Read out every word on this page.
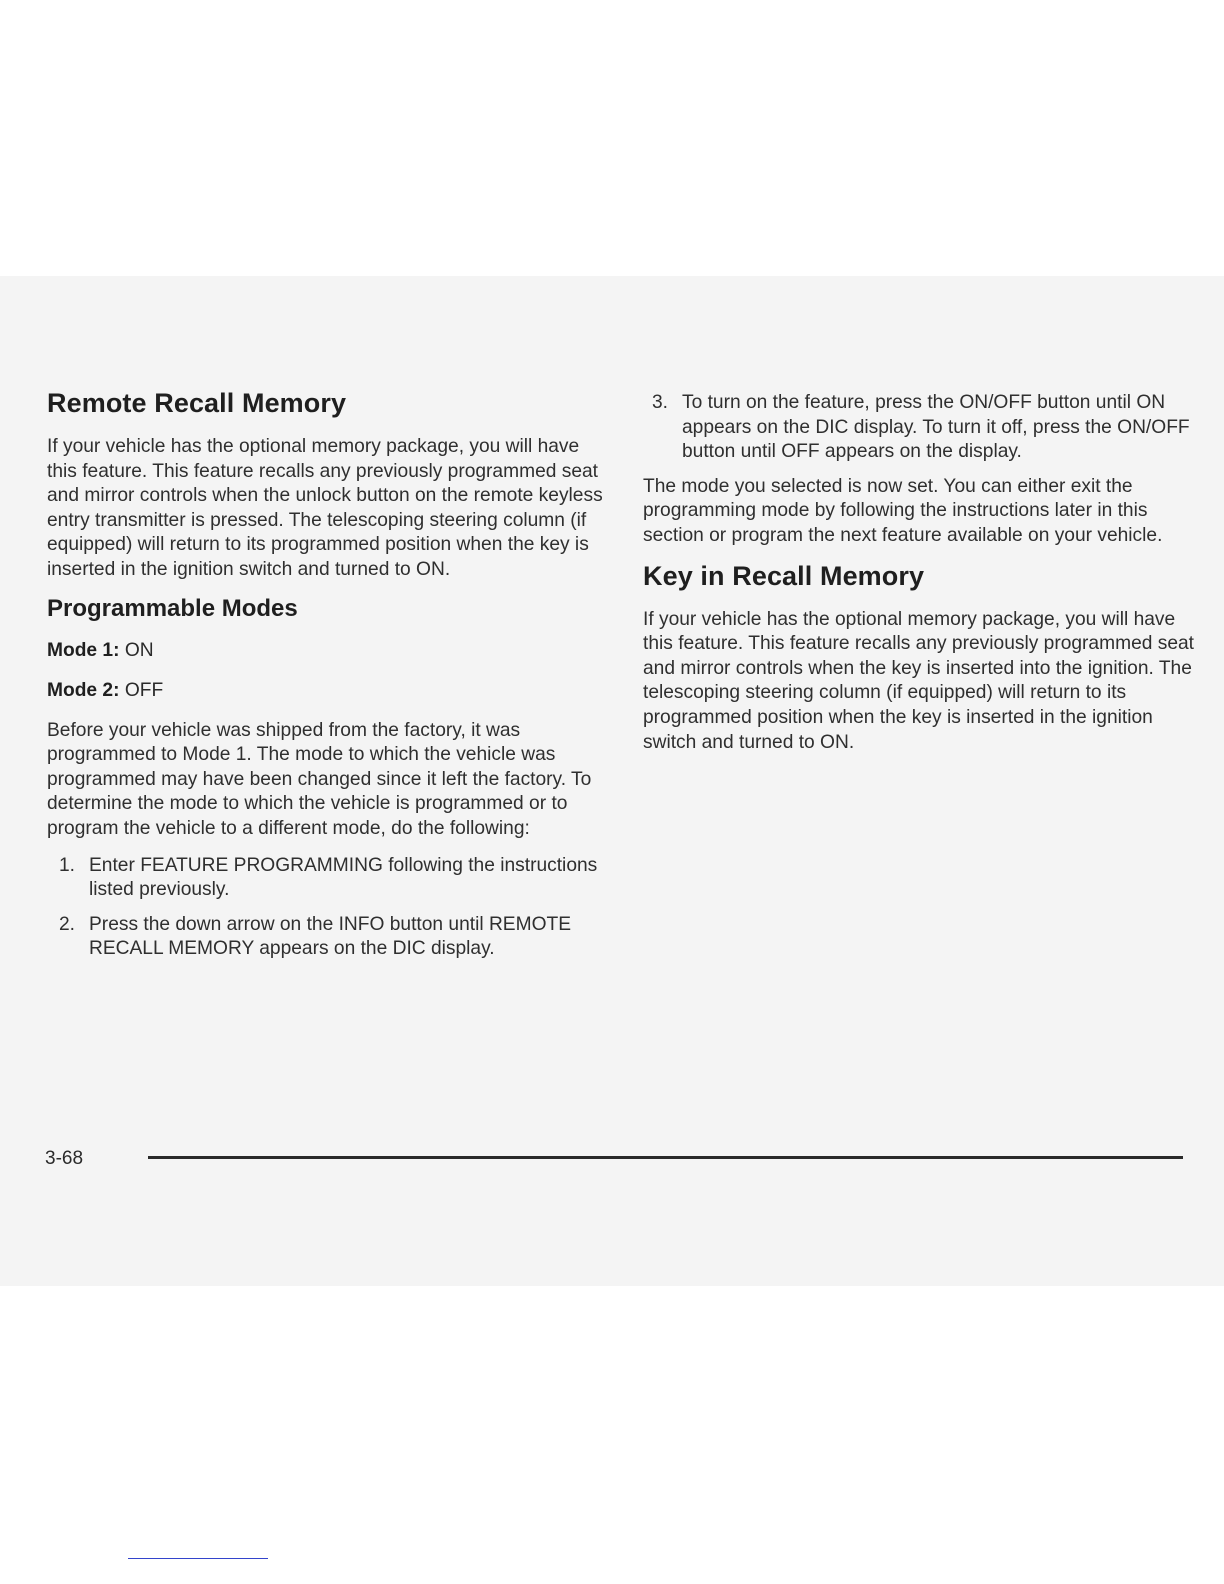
Remote Recall Memory

If your vehicle has the optional memory package, you will have this feature. This feature recalls any previously programmed seat and mirror controls when the unlock button on the remote keyless entry transmitter is pressed. The telescoping steering column (if equipped) will return to its programmed position when the key is inserted in the ignition switch and turned to ON.

Programmable Modes

Mode 1: ON

Mode 2: OFF

Before your vehicle was shipped from the factory, it was programmed to Mode 1. The mode to which the vehicle was programmed may have been changed since it left the factory. To determine the mode to which the vehicle is programmed or to program the vehicle to a different mode, do the following:

1. Enter FEATURE PROGRAMMING following the instructions listed previously.
2. Press the down arrow on the INFO button until REMOTE RECALL MEMORY appears on the DIC display.
3. To turn on the feature, press the ON/OFF button until ON appears on the DIC display. To turn it off, press the ON/OFF button until OFF appears on the display.

The mode you selected is now set. You can either exit the programming mode by following the instructions later in this section or program the next feature available on your vehicle.

Key in Recall Memory

If your vehicle has the optional memory package, you will have this feature. This feature recalls any previously programmed seat and mirror controls when the key is inserted into the ignition. The telescoping steering column (if equipped) will return to its programmed position when the key is inserted in the ignition switch and turned to ON.

3-68
